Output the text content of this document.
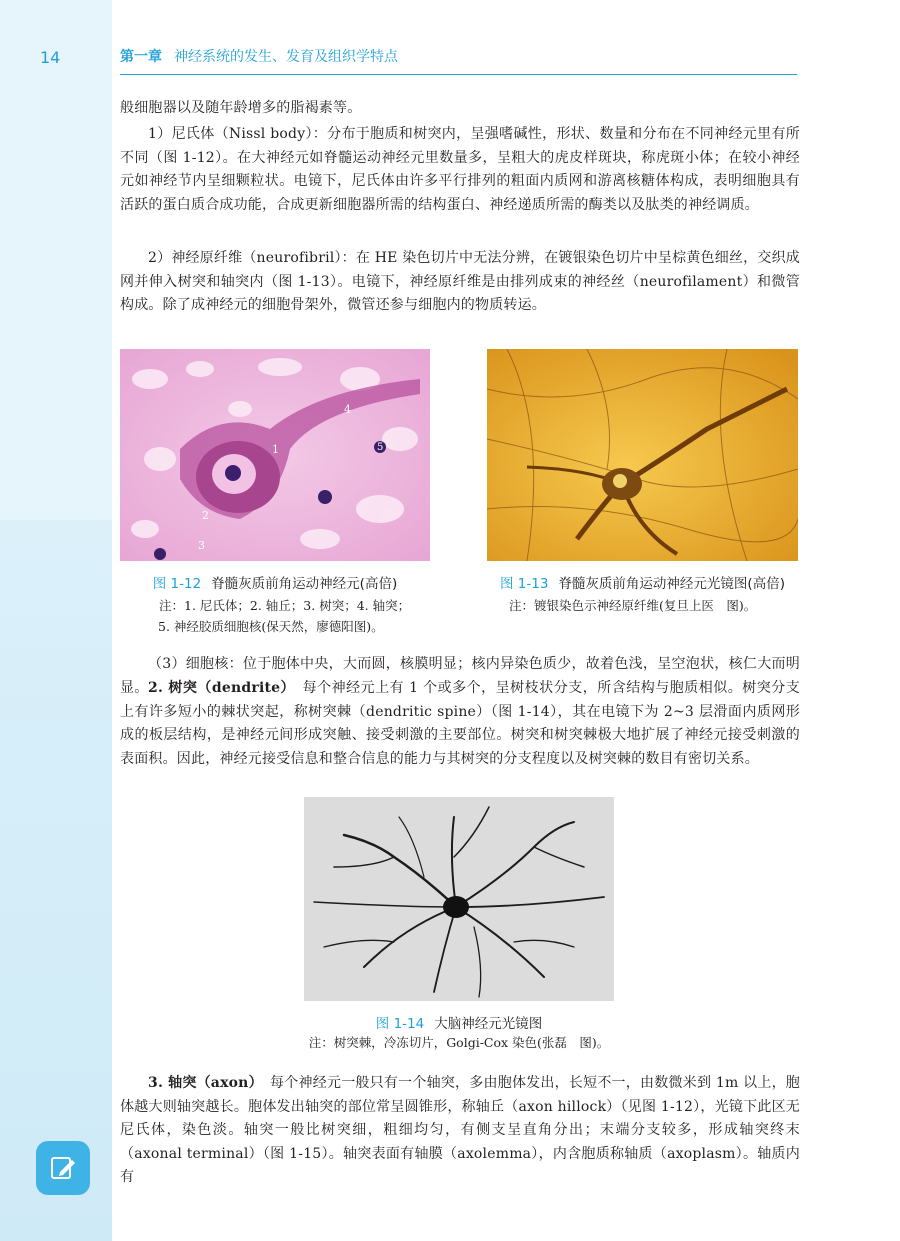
14	第一章 神经系统的发生、发育及组织学特点

般细胞器以及随年龄增多的脂褐素等。

1）尼氏体（Nissl body）：分布于胞质和树突内，呈强嗜碱性，形状、数量和分布在不同神经元里有所不同（图 1-12）。在大神经元如脊髓运动神经元里数量多，呈粗大的虎皮样斑块，称虎斑小体；在较小神经元如神经节内呈细颗粒状。电镜下，尼氏体由许多平行排列的粗面内质网和游离核糖体构成，表明细胞具有活跃的蛋白质合成功能，合成更新细胞器所需的结构蛋白、神经递质所需的酶类以及肽类的神经调质。

2）神经原纤维（neurofibril）：在 HE 染色切片中无法分辨，在镀银染色切片中呈棕黄色细丝，交织成网并伸入树突和轴突内（图 1-13）。电镜下，神经原纤维是由排列成束的神经丝（neurofilament）和微管构成。除了成神经元的细胞骨架外，微管还参与细胞内的物质转运。

1
2
3
4
5
图 1-12 脊髓灰质前角运动神经元(高倍)
注：1. 尼氏体；2. 轴丘；3. 树突；4. 轴突；
5. 神经胶质细胞核(保天然，廖德阳图)。
图 1-13 脊髓灰质前角运动神经元光镜图(高倍)
注：镀银染色示神经原纤维(复旦上医　图)。

（3）细胞核：位于胞体中央，大而圆，核膜明显；核内异染色质少，故着色浅，呈空泡状，核仁大而明显。 2. 树突（dendrite）　 每个神经元上有 1 个或多个，呈树枝状分支，所含结构与胞质相似。树突分支上有许多短小的棘状突起，称树突棘（dendritic spine）（图 1-14），其在电镜下为 2~3 层滑面内质网形成的板层结构，是神经元间形成突触、接受刺激的主要部位。树突和树突棘极大地扩展了神经元接受刺激的表面积。因此，神经元接受信息和整合信息的能力与其树突的分支程度以及树突棘的数目有密切关系。

图 1-14 大脑神经元光镜图
注：树突棘，冷冻切片，Golgi-Cox 染色(张磊　图)。

3. 轴突（axon）　 每个神经元一般只有一个轴突，多由胞体发出，长短不一，由数微米到 1m 以上，胞体越大则轴突越长。胞体发出轴突的部位常呈圆锥形，称轴丘（axon hillock）（见图 1-12），光镜下此区无尼氏体，染色淡。轴突一般比树突细，粗细均匀，有侧支呈直角分出；末端分支较多，形成轴突终末（axonal terminal）（图 1-15）。轴突表面有轴膜（axolemma），内含胞质称轴质（axoplasm）。轴质内有
